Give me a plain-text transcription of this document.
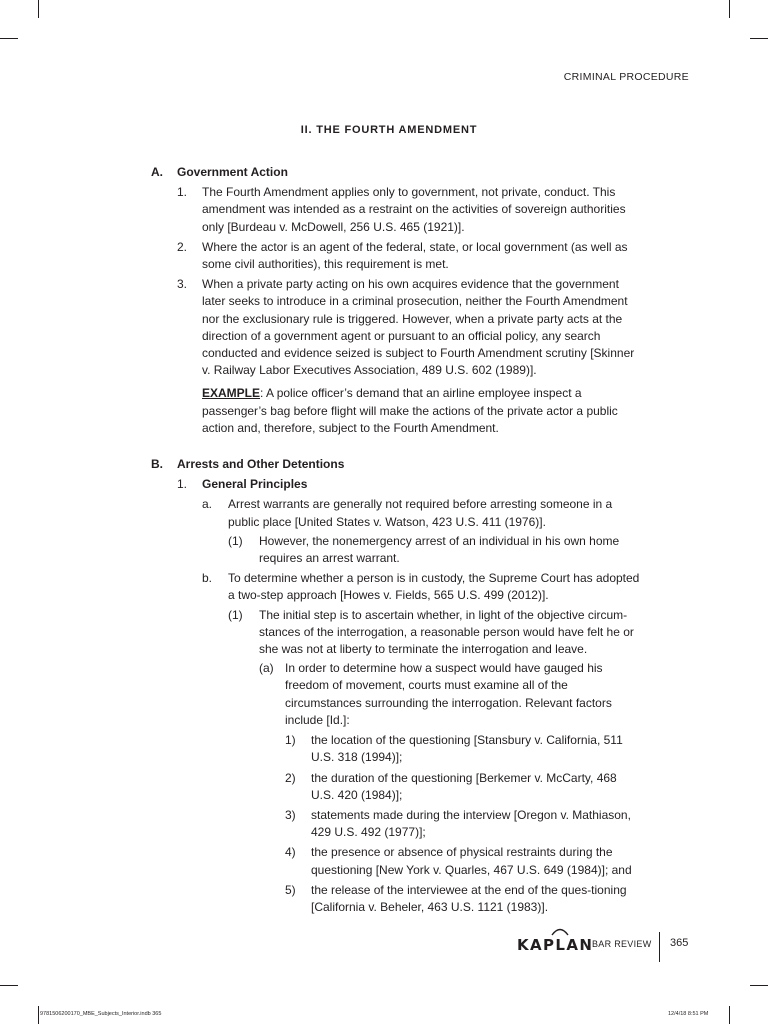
CRIMINAL PROCEDURE
II. THE FOURTH AMENDMENT
A. Government Action
1. The Fourth Amendment applies only to government, not private, conduct. This amendment was intended as a restraint on the activities of sovereign authorities only [Burdeau v. McDowell, 256 U.S. 465 (1921)].
2. Where the actor is an agent of the federal, state, or local government (as well as some civil authorities), this requirement is met.
3. When a private party acting on his own acquires evidence that the government later seeks to introduce in a criminal prosecution, neither the Fourth Amendment nor the exclusionary rule is triggered. However, when a private party acts at the direction of a government agent or pursuant to an official policy, any search conducted and evidence seized is subject to Fourth Amendment scrutiny [Skinner v. Railway Labor Executives Association, 489 U.S. 602 (1989)].
EXAMPLE: A police officer’s demand that an airline employee inspect a passenger’s bag before flight will make the actions of the private actor a public action and, therefore, subject to the Fourth Amendment.
B. Arrests and Other Detentions
1. General Principles
a. Arrest warrants are generally not required before arresting someone in a public place [United States v. Watson, 423 U.S. 411 (1976)].
(1) However, the nonemergency arrest of an individual in his own home requires an arrest warrant.
b. To determine whether a person is in custody, the Supreme Court has adopted a two-step approach [Howes v. Fields, 565 U.S. 499 (2012)].
(1) The initial step is to ascertain whether, in light of the objective circum-stances of the interrogation, a reasonable person would have felt he or she was not at liberty to terminate the interrogation and leave.
(a) In order to determine how a suspect would have gauged his freedom of movement, courts must examine all of the circumstances surrounding the interrogation. Relevant factors include [Id.]:
1) the location of the questioning [Stansbury v. California, 511 U.S. 318 (1994)];
2) the duration of the questioning [Berkemer v. McCarty, 468 U.S. 420 (1984)];
3) statements made during the interview [Oregon v. Mathiason, 429 U.S. 492 (1977)];
4) the presence or absence of physical restraints during the questioning [New York v. Quarles, 467 U.S. 649 (1984)]; and
5) the release of the interviewee at the end of the ques-tioning [California v. Beheler, 463 U.S. 1121 (1983)].
KAPLAN
BAR REVIEW 365
9781506200170_MBE_Subjects_Interior.indb 365	12/4/18 8:51 PM
